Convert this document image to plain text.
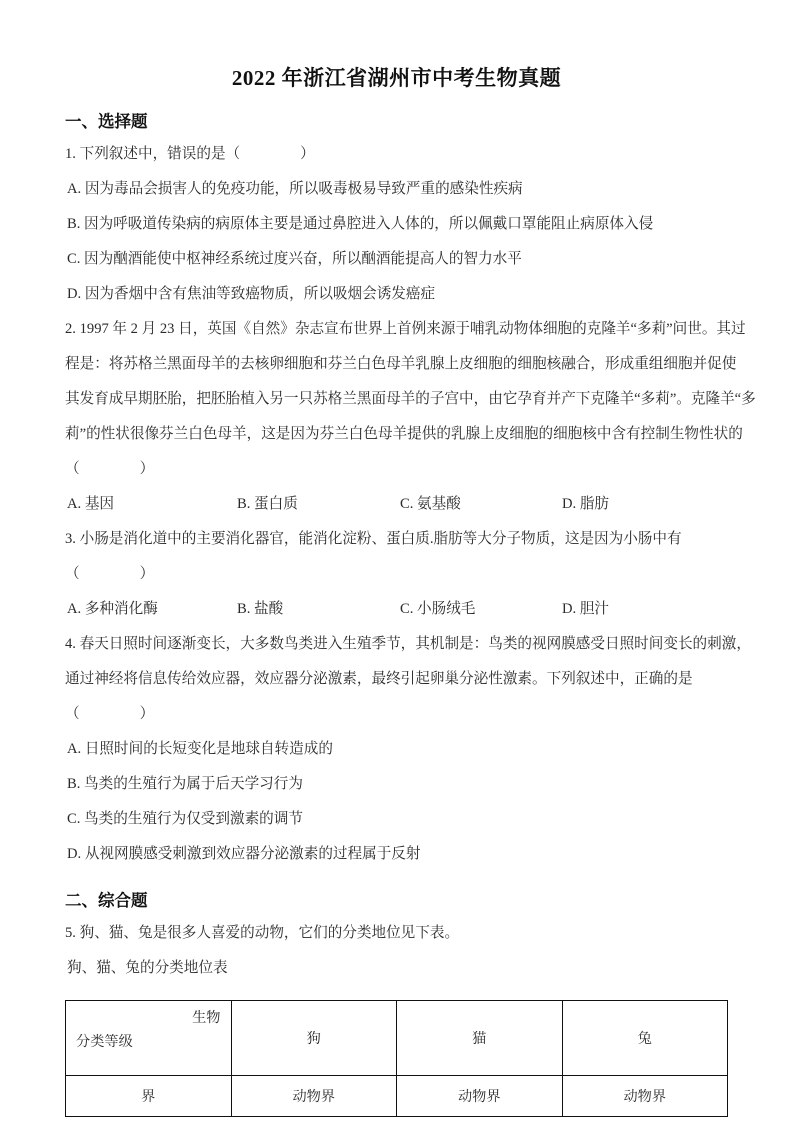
2022 年浙江省湖州市中考生物真题
一、选择题
1. 下列叙述中，错误的是（	）
A. 因为毒品会损害人的免疫功能，所以吸毒极易导致严重的感染性疾病
B. 因为呼吸道传染病的病原体主要是通过鼻腔进入人体的，所以佩戴口罩能阻止病原体入侵
C. 因为酗酒能使中枢神经系统过度兴奋，所以酗酒能提高人的智力水平
D. 因为香烟中含有焦油等致癌物质，所以吸烟会诱发癌症
2. 1997 年 2 月 23 日，英国《自然》杂志宣布世界上首例来源于哺乳动物体细胞的克隆羊“多莉”问世。其过
程是：将苏格兰黑面母羊的去核卵细胞和芬兰白色母羊乳腺上皮细胞的细胞核融合，形成重组细胞并促使
其发育成早期胚胎，把胚胎植入另一只苏格兰黑面母羊的子宫中，由它孕育并产下克隆羊“多莉”。克隆羊“多
莉”的性状很像芬兰白色母羊，这是因为芬兰白色母羊提供的乳腺上皮细胞的细胞核中含有控制生物性状的
（	）
A. 基因	B. 蛋白质	C. 氨基酸	D. 脂肪
3. 小肠是消化道中的主要消化器官，能消化淀粉、蛋白质.脂肪等大分子物质，这是因为小肠中有
（	）
A. 多种消化酶	B. 盐酸	C. 小肠绒毛	D. 胆汁
4. 春天日照时间逐渐变长，大多数鸟类进入生殖季节，其机制是：鸟类的视网膜感受日照时间变长的刺激，
通过神经将信息传给效应器，效应器分泌激素，最终引起卵巢分泌性激素。下列叙述中，正确的是
（	）
A. 日照时间的长短变化是地球自转造成的
B. 鸟类的生殖行为属于后天学习行为
C. 鸟类的生殖行为仅受到激素的调节
D. 从视网膜感受刺激到效应器分泌激素的过程属于反射
二、综合题
5. 狗、猫、兔是很多人喜爱的动物，它们的分类地位见下表。
狗、猫、兔的分类地位表
生物
分类等级	狗	猫	兔
界	动物界	动物界	动物界
